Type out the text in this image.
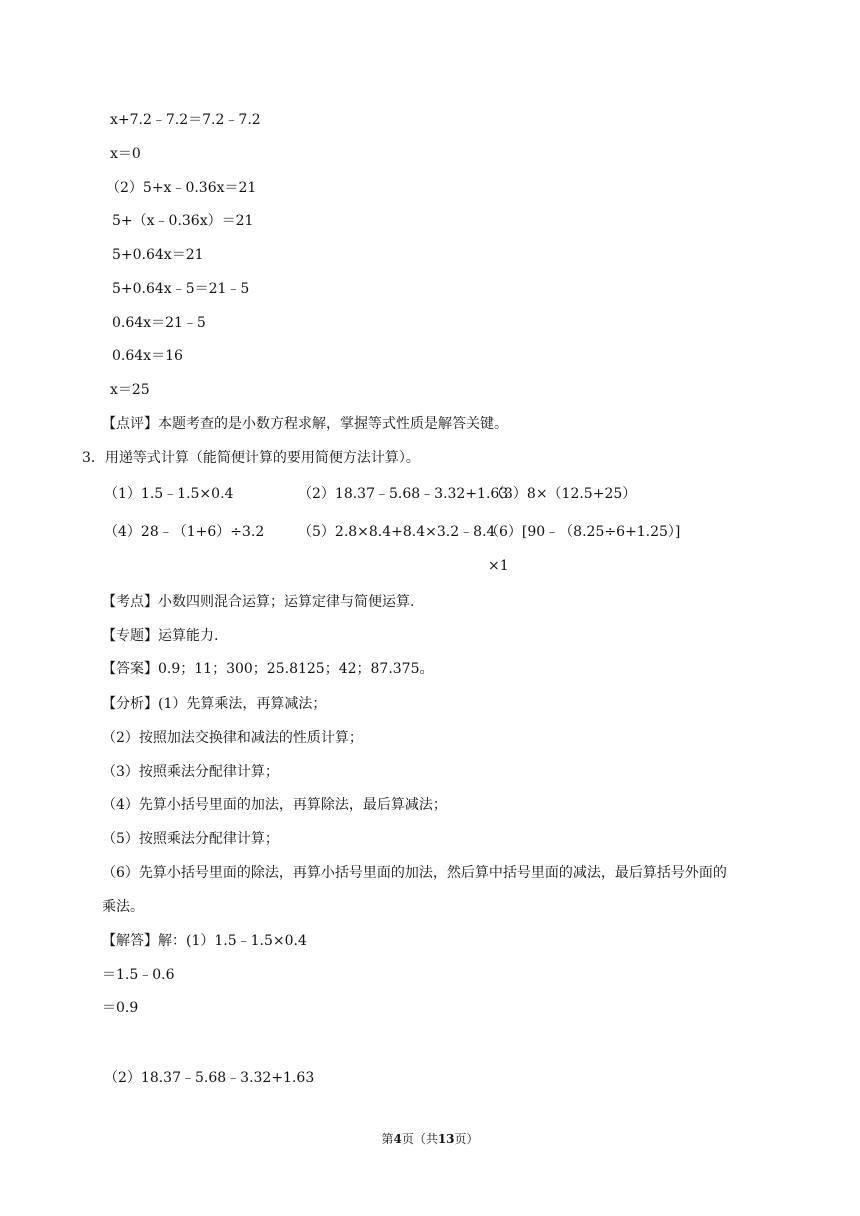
x+7.2﹣7.2＝7.2﹣7.2
x＝0
（2）5+x﹣0.36x＝21
5+（x﹣0.36x）＝21
5+0.64x＝21
5+0.64x﹣5＝21﹣5
0.64x＝21﹣5
0.64x＝16
x＝25
【点评】本题考查的是小数方程求解，掌握等式性质是解答关键。
3．用递等式计算（能简便计算的要用简便方法计算）。
（1）1.5﹣1.5×0.4	（2）18.37﹣5.68﹣3.32+1.63
（3）8×（12.5+25）
（4）28﹣（1+6）÷3.2 （5）2.8×8.4+8.4×3.2﹣8.4
（6）[90﹣（8.25÷6+1.25）]
×1
【考点】小数四则混合运算；运算定律与简便运算.
【专题】运算能力.
【答案】0.9；11；300；25.8125；42；87.375。
【分析】(1）先算乘法，再算减法；
（2）按照加法交换律和减法的性质计算；
（3）按照乘法分配律计算；
（4）先算小括号里面的加法，再算除法，最后算减法；
（5）按照乘法分配律计算；
（6）先算小括号里面的除法，再算小括号里面的加法，然后算中括号里面的减法，最后算括号外面的
乘法。
【解答】解：(1）1.5﹣1.5×0.4
＝1.5﹣0.6
＝0.9
（2）18.37﹣5.68﹣3.32+1.63
第4页（共13页）
